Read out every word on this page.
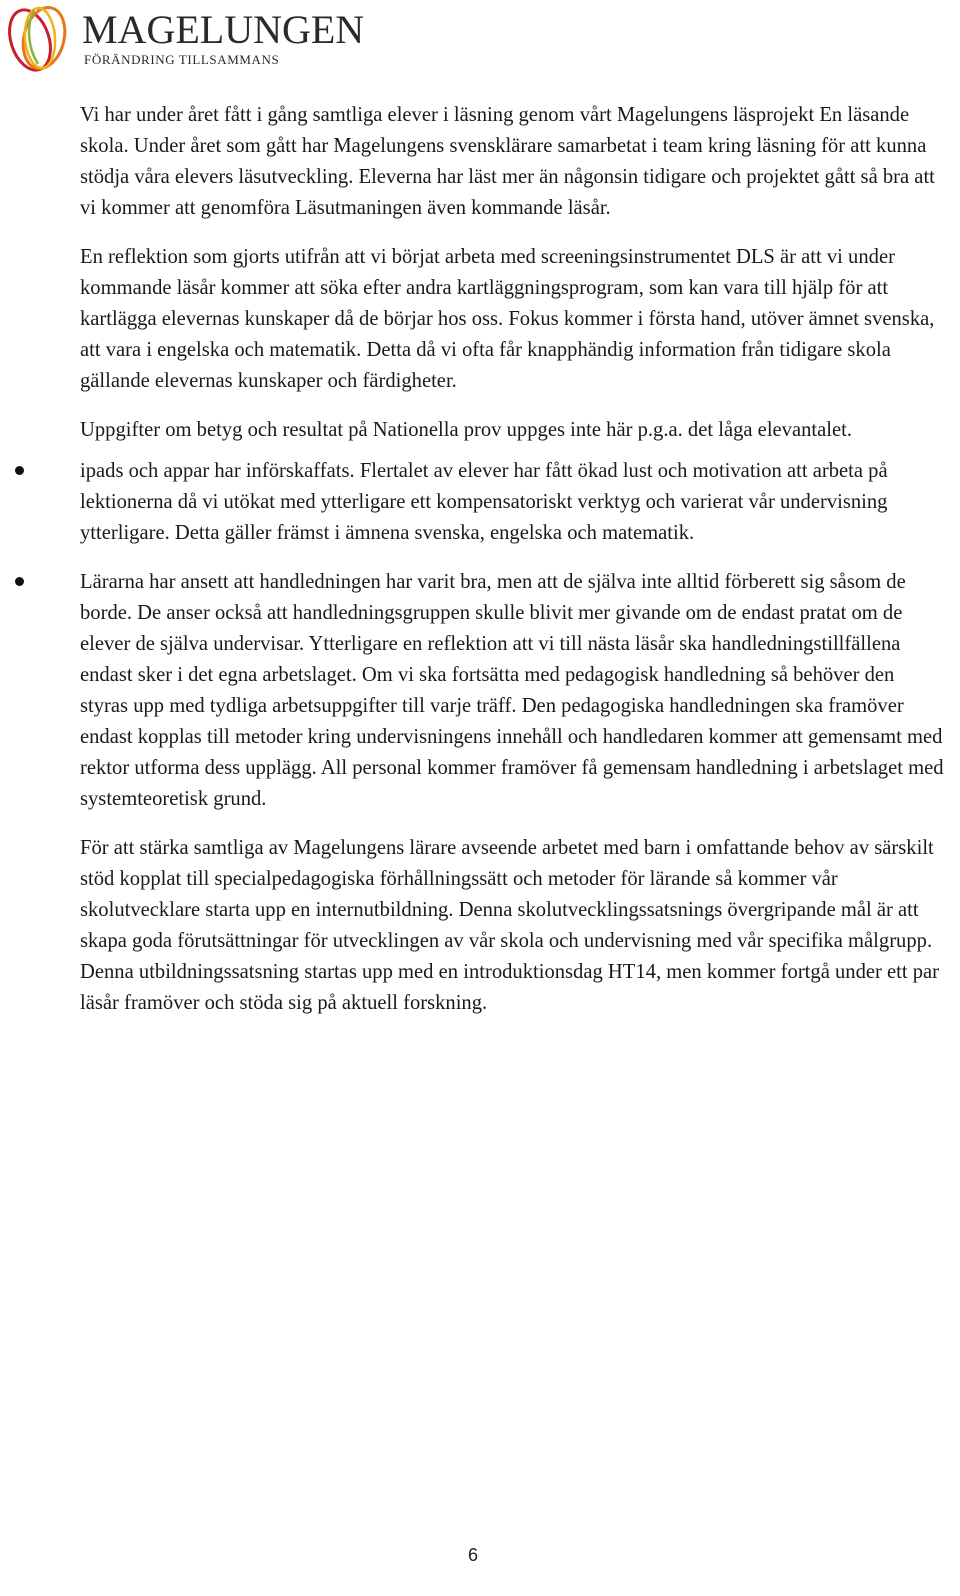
MAGELUNGEN
FÖRÄNDRING TILLSAMMANS

Vi har under året fått i gång samtliga elever i läsning genom vårt Magelungens läsprojekt En läsande skola. Under året som gått har Magelungens svensklärare samarbetat i team kring läsning för att kunna stödja våra elevers läsutveckling. Eleverna har läst mer än någonsin tidigare och projektet gått så bra att vi kommer att genomföra Läsutmaningen även kommande läsår.

En reflektion som gjorts utifrån att vi börjat arbeta med screeningsinstrumentet DLS är att vi under kommande läsår kommer att söka efter andra kartläggningsprogram, som kan vara till hjälp för att kartlägga elevernas kunskaper då de börjar hos oss. Fokus kommer i första hand, utöver ämnet svenska, att vara i engelska och matematik. Detta då vi ofta får knapphändig information från tidigare skola gällande elevernas kunskaper och färdigheter.

Uppgifter om betyg och resultat på Nationella prov uppges inte här p.g.a. det låga elevantalet.

ipads och appar har införskaffats. Flertalet av elever har fått ökad lust och motivation att arbeta på lektionerna då vi utökat med ytterligare ett kompensatoriskt verktyg och varierat vår undervisning ytterligare. Detta gäller främst i ämnena svenska, engelska och matematik.
Lärarna har ansett att handledningen har varit bra, men att de själva inte alltid förberett sig såsom de borde. De anser också att handledningsgruppen skulle blivit mer givande om de endast pratat om de elever de själva undervisar. Ytterligare en reflektion att vi till nästa läsår ska handledningstillfällena endast sker i det egna arbetslaget. Om vi ska fortsätta med pedagogisk handledning så behöver den styras upp med tydliga arbetsuppgifter till varje träff. Den pedagogiska handledningen ska framöver endast kopplas till metoder kring undervisningens innehåll och handledaren kommer att gemensamt med rektor utforma dess upplägg. All personal kommer framöver få gemensam handledning i arbetslaget med systemteoretisk grund.

För att stärka samtliga av Magelungens lärare avseende arbetet med barn i omfattande behov av särskilt stöd kopplat till specialpedagogiska förhållningssätt och metoder för lärande så kommer vår skolutvecklare starta upp en internutbildning. Denna skolutvecklingssatsnings övergripande mål är att skapa goda förutsättningar för utvecklingen av vår skola och undervisning med vår specifika målgrupp. Denna utbildningssatsning startas upp med en introduktionsdag HT14, men kommer fortgå under ett par läsår framöver och stöda sig på aktuell forskning.

6
